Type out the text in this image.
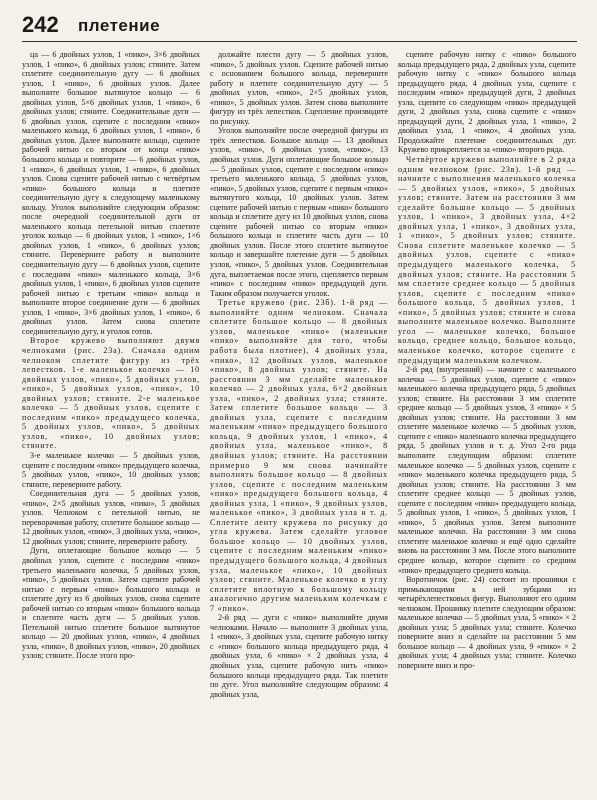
242 плетение

ца — 6 двойных узлов, 1 «пико», 3×6 двойных узлов, 1 «пико», 6 двойных узлов; стяните. Затем сплетите соединительную дугу — 6 двойных узлов, 1 «пико», 6 двойных узлов. Далее выполните большое вытянутое кольцо — 6 двойных узлов, 5×6 двойных узлов, 1 «пико», 6 двойных узлов; стяните. Соединительные дуги — 6 двойных узлов, сцепите с последним «пико» маленького кольца, 6 двойных узлов, 1 «пико», 6 двойных узлов. Далее выполните кольцо, сцепите рабочей нитью со вторым от конца «пико» большого кольца и повторите — 6 двойных узлов, 1 «пико», 6 двойных узлов, 1 «пико», 6 двойных узлов. Снова сцепите рабочей нитью с четвёртым «пико» большого кольца и плетите соединительную дугу к следующему маленькому кольцу. Уголок выполняйте следующим образом: после очередной соединительной дуги от маленького кольца петельной нитью сплетите уголок кольцо — 6 двойных узлов, 1 «пико», 1×6 двойных узлов, 1 «пико», 6 двойных узлов; стяните. Переверните работу и выполните соединительную дугу — 6 двойных узлов, сцепите с последним «пико» маленького кольца, 3×6 двойных узлов, 1 «пико», 6 двойных узлов сцепите рабочей нитью с третьим «пико» кольца и выполните второе соединение дуги — 6 двойных узлов, 1 «пико», 3×6 двойных узлов, 1 «пико», 6 двойных узлов. Затем снова сплетите соединительную дугу, и уголок готов.

Второе кружево выполняют двумя челноками (рис. 23а). Сначала одним челноком сплетите фигуру из трёх лепестков. 1-е маленькое колечко — 10 двойных узлов, «пико», 5 двойных узлов, «пико», 5 двойных узлов, «пико», 10 двойных узлов; стяните. 2-е маленькое колечко — 5 двойных узлов, сцепите с последним «пико» предыдущего колечка, 5 двойных узлов, «пико», 5 двойных узлов, «пико», 10 двойных узлов; стяните.

3-е маленькое колечко — 5 двойных узлов, сцепите с последним «пико» предыдущего колечка, 5 двойных узлов, «пико», 10 двойных узлов; стяните, переверните работу.

Соединительная дуга — 5 двойных узлов, «пико», 2×5 двойных узлов, «пико», 5 двойных узлов. Челноком с петельной нитью, не переворачивая работу, сплетите большое кольцо — 12 двойных узлов, «пико», 3 двойных узла, «пико», 12 двойных узлов; стяните, переверните работу.

Дуги, оплетающие большое кольцо — 5 двойных узлов, сцепите с последним «пико» третьего маленького колечка, 5 двойных узлов, «пико», 5 двойных узлов. Затем сцепите рабочей нитью с первым «пико» большого кольца и сплетите дугу из 6 двойных узлов, снова сцепите рабочей нитью со вторым «пико» большого кольца и сплетите часть дуги — 5 двойных узлов. Петельной нитью сплетите большое вытянутое кольцо — 20 двойных узлов, «пико», 4 двойных узла, «пико», 8 двойных узлов, «пико», 20 двойных узлов; стяните. После этого про-

должайте плести дугу — 5 двойных узлов, «пико», 5 двойных узлов. Сцепите рабочей нитью с основанием большого кольца, переверните работу и плетите соединительную дугу — 5 двойных узлов, «пико», 2×5 двойных узлов, «пико», 5 двойных узлов. Затем снова выполните фигуру из трёх лепестков. Сцепление производите по рисунку.

Уголок выполняйте после очередной фигуры из трёх лепестков. Большое кольцо — 13 двойных узлов, «пико», 6 двойных узлов, «пико», 13 двойных узлов. Дуги оплетающие большое кольцо — 5 двойных узлов, сцепите с последним «пико» третьего маленького кольца, 5 двойных узлов, «пико», 5 двойных узлов, сцепите с первым «пико» вытянутого кольца, 10 двойных узлов. Затем сцепите рабочей нитью с первым «пико» большого кольца и сплетите дугу из 10 двойных узлов, снова сцепите рабочей нитью со вторым «пико» большого кольца и сплетите часть дуги — 10 двойных узлов. После этого сплетите вытянутое кольцо и завершайте плетение дуги — 5 двойных узлов, «пико», 5 двойных узлов. Соединительная дуга, выплетаемая после этого, сцепляется первым «пико» с последним «пико» предыдущей дуги. Таким образом получается уголок.

Третье кружево (рис. 23б). 1-й ряд — выполняйте одним челноком. Сначала сплетите большое кольцо — 8 двойных узлов, маленькое «пико» (маленькие «пико» выполняйте для того, чтобы работа была плотнее), 4 двойных узла, «пико», 12 двойных узлов, маленькое «пико», 8 двойных узлов; стяните. На расстоянии 3 мм сделайте маленькое колечко — 2 двойных узла, 6×2 двойных узла, «пико», 2 двойных узла; стяните. Затем сплетите большое кольцо — 3 двойных узла, сцепите с последним маленьким «пико» предыдущего большого кольца, 9 двойных узлов, 1 «пико», 4 двойных узла, маленькое «пико», 8 двойных узлов; стяните. На расстоянии примерно 9 мм снова начинайте выполнять большое кольцо — 8 двойных узлов, сцепите с последним маленьким «пико» предыдущего большого кольца, 4 двойных узла, 1 «пико», 9 двойных узлов, маленькое «пико», 3 двойных узла и т. д. Сплетите ленту кружева по рисунку до угла кружева. Затем сделайте угловое большое кольцо — 10 двойных узлов, сцепите с последним маленьким «пико» предыдущего большого кольца, 4 двойных узла, маленькое «пико», 10 двойных узлов; стяните. Маленькое колечко в углу сплетите вплотную к большому кольцу аналогично другим маленьким колечкам с 7 «пико».

2-й ряд — дуги с «пико» выполняйте двумя челноками. Начало — выполните 3 двойных узла, 1 «пико», 3 двойных узла, сцепите рабочую нитку с «пико» большого кольца предыдущего ряда, 4 двойных узла, 6 «пико» × 2 двойных узла, 4 двойных узла, сцепите рабочую нить «пико» большого кольца предыдущего ряда. Так плетите по дуге. Угол выполняйте следующим образом: 4 двойных узла,

сцепите рабочую нитку с «пико» большого кольца предыдущего ряда, 2 двойных узла, сцепите рабочую нитку с «пико» большого кольца предыдущего ряда, 4 двойных узла, сцепите с последним «пико» предыдущей дуги, 2 двойных узла, сцепите со следующим «пико» предыдущей дуги, 2 двойных узла, снова сцепите с «пико» предыдущей дуги, 2 двойных узла, 1 «пико», 2 двойных узла, 1 «пико», 4 двойных узла. Продолжайте плетение соединительных дуг. Кружево прикрепляется за «пико» второго ряда.

Четвёртое кружево выполняйте в 2 ряда одним челноком (рис. 23в). 1-й ряд — начните с выполнения маленького колечка — 5 двойных узлов, «пико», 5 двойных узлов; стяните. Затем на расстоянии 3 мм сделайте большое кольцо — 5 двойных узлов, 1 «пико», 3 двойных узла, 4×2 двойных узла, 1 «пико», 3 двойных узла, 1 «пико», 5 двойных узлов; стяните. Снова сплетите маленькое колечко — 5 двойных узлов, сцепите с «пико» предыдущего маленького колечка, 5 двойных узлов; стяните. На расстоянии 5 мм сплетите среднее кольцо — 5 двойных узлов, сцепите с последним «пико» большого кольца, 5 двойных узлов, 1 «пико», 5 двойных узлов; стяните и снова выполните маленькое колечко. Выполните угол — маленькое колечко, большое кольцо, среднее кольцо, большое кольцо, маленькое колечко, которое сцепите с предыдущим маленьким колечком.

2-й ряд (внутренний) — начните с маленького колечка — 5 двойных узлов, сцепите с «пико» маленького колечка предыдущего ряда, 5 двойных узлов; стяните. На расстоянии 3 мм сплетите среднее кольцо — 5 двойных узлов, 3 «пико» × 5 двойных узлов; стяните. На расстоянии 3 мм сплетите маленькое колечко — 5 двойных узлов, сцепите с «пико» маленького колечка предыдущего ряда, 5 двойных узлов и т. д. Угол 2-го ряда выполните следующим образом: сплетите маленькое колечко — 5 двойных узлов, сцепите с «пико» маленького колечка предыдущего ряда, 5 двойных узлов; стяните. На расстоянии 3 мм сплетите среднее кольцо — 5 двойных узлов, сцепите с последним «пико» предыдущего кольца, 5 двойных узлов, 1 «пико», 5 двойных узлов, 1 «пико», 5 двойных узлов. Затем выполните маленькое колечко. На расстоянии 3 мм снова сплетите маленькое колечко и ещё одно сделайте вновь на расстоянии 3 мм. После этого выполните среднее кольцо, которое сцепите со средним «пико» предыдущего среднего кольца.

Воротничок (рис. 24) состоит из прошивки с примыкающими к ней зубцами из четырёхлепестковых фигур. Выполняют его одним челноком. Прошивку плетите следующим образом: маленькое колечко — 5 двойных узла, 5 «пико» × 2 двойных узла; 5 двойных узла; стяните. Колечко поверните вниз и сделайте на расстоянии 5 мм большое кольцо — 4 двойных узла, 9 «пико» × 2 двойных узла; 4 двойных узла; стяните. Колечко поверните вниз и про-
